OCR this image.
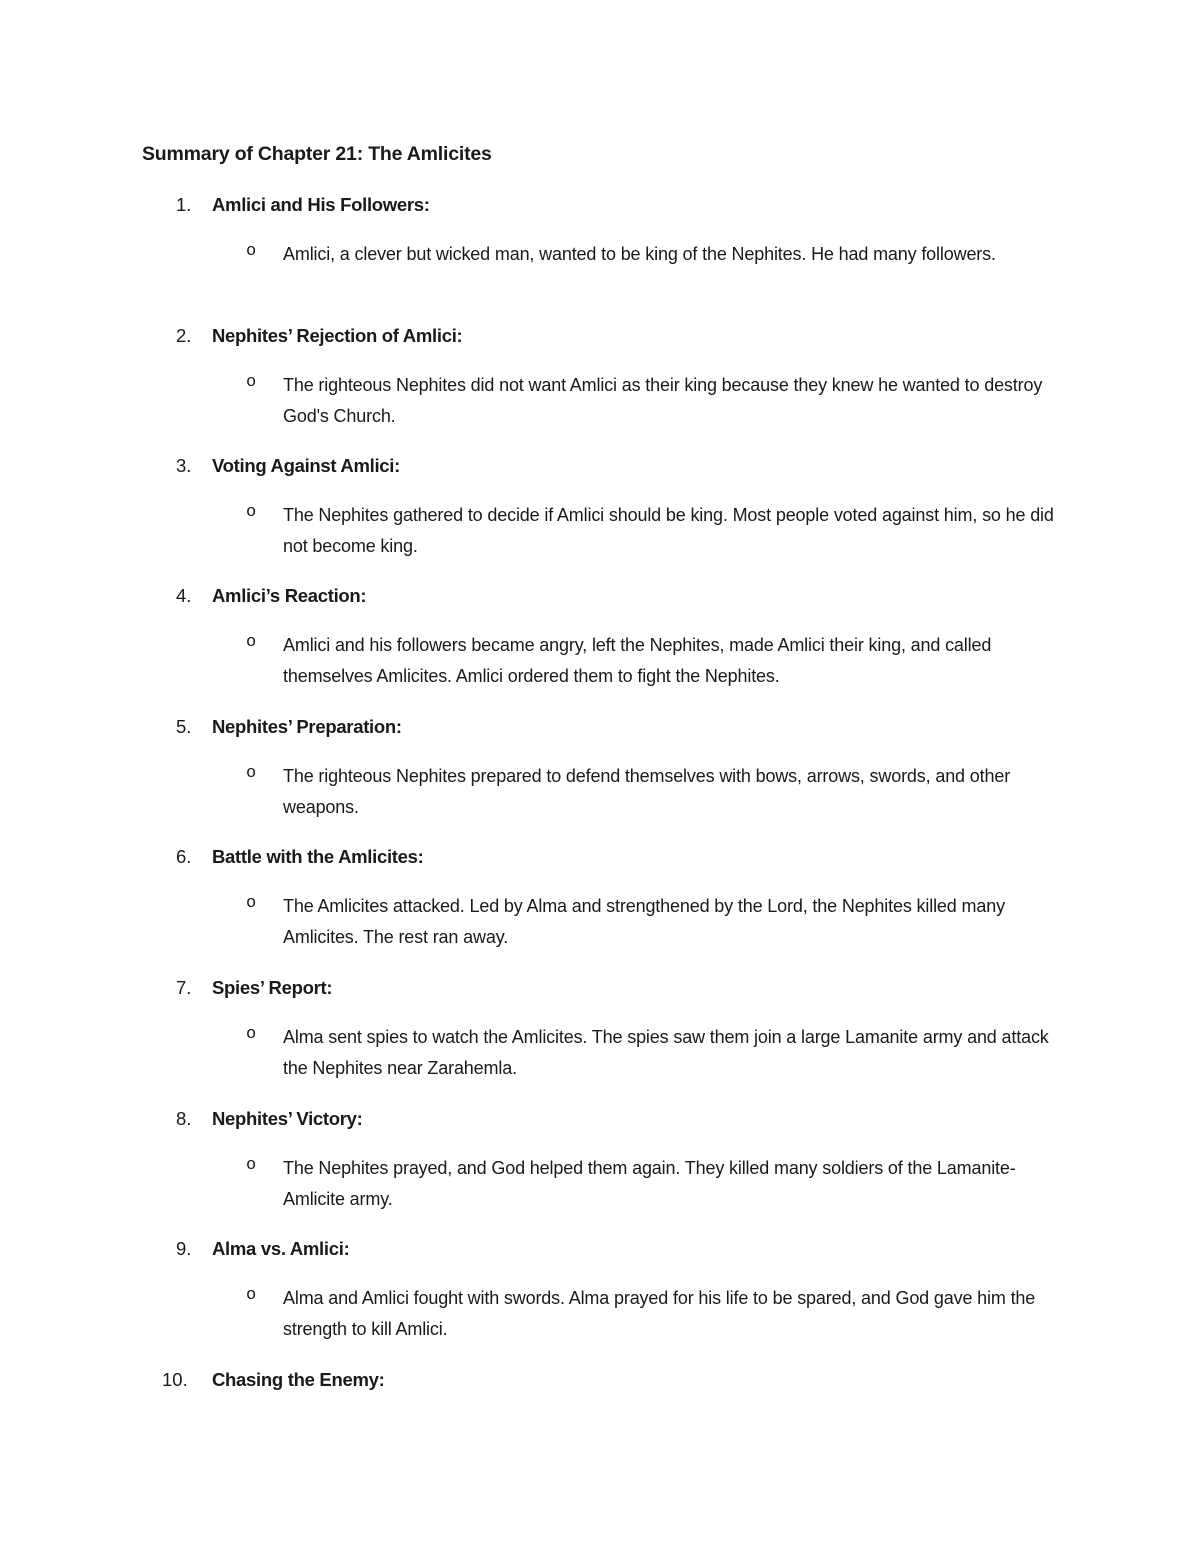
Summary of Chapter 21: The Amlicites
1. Amlici and His Followers:
o Amlici, a clever but wicked man, wanted to be king of the Nephites. He had many followers.
2. Nephites’ Rejection of Amlici:
o The righteous Nephites did not want Amlici as their king because they knew he wanted to destroy God's Church.
3. Voting Against Amlici:
o The Nephites gathered to decide if Amlici should be king. Most people voted against him, so he did not become king.
4. Amlici’s Reaction:
o Amlici and his followers became angry, left the Nephites, made Amlici their king, and called themselves Amlicites. Amlici ordered them to fight the Nephites.
5. Nephites’ Preparation:
o The righteous Nephites prepared to defend themselves with bows, arrows, swords, and other weapons.
6. Battle with the Amlicites:
o The Amlicites attacked. Led by Alma and strengthened by the Lord, the Nephites killed many Amlicites. The rest ran away.
7. Spies’ Report:
o Alma sent spies to watch the Amlicites. The spies saw them join a large Lamanite army and attack the Nephites near Zarahemla.
8. Nephites’ Victory:
o The Nephites prayed, and God helped them again. They killed many soldiers of the Lamanite-Amlicite army.
9. Alma vs. Amlici:
o Alma and Amlici fought with swords. Alma prayed for his life to be spared, and God gave him the strength to kill Amlici.
10. Chasing the Enemy:
